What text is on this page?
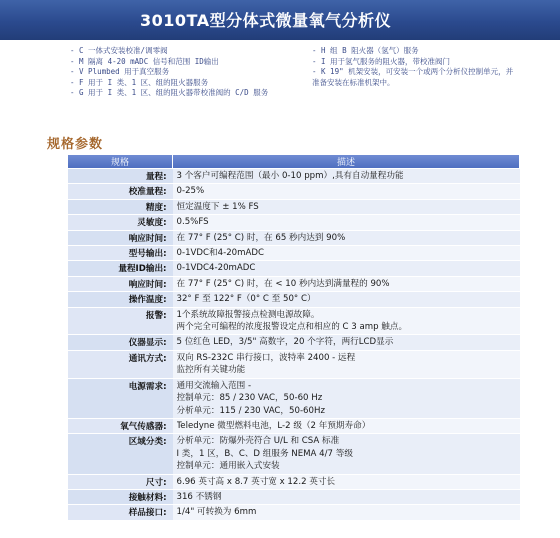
3010TA型分体式微量氧气分析仪
- C 一体式安装校准/调零阀
- M 隔离 4-20 mADC 信号和范围 ID输出
- V Plumbed 用于真空服务
- F 用于 I 类、1 区、组的阻火器服务
- G 用于 I 类、1 区、组的阻火器带校准阀的 C/D 服务
- H 组 B 阻火器（氢气）服务
- I 用于氢气服务的阻火器，带校准阀门
- K 19" 机架安装，可安装一个或两个分析仪控制单元，并
准备安装在标准机架中。
规格参数
规格	描述
量程:	3 个客户可编程范围（最小 0-10 ppm）,具有自动量程功能

校准量程:	0-25%

精度:	恒定温度下 ± 1% FS

灵敏度:	0.5%FS

响应时间:	在 77° F (25° C) 时，在 65 秒内达到 90%

型号输出:	0-1VDC和4-20mADC

量程ID输出:	0-1VDC4-20mADC

响应时间:	在 77° F (25° C) 时，在 < 10 秒内达到满量程的 90%

操作温度:	32° F 至 122° F（0° C 至 50° C）

报警:	1个系统故障报警接点检测电源故障。
两个完全可编程的浓度报警设定点和相应的 C 3 amp 触点。

仪器显示:	5 位红色 LED，3/5" 高数字，20 个字符，两行LCD显示

通讯方式:	双向 RS-232C 串行接口，波特率 2400 - 远程
监控所有关键功能

电源需求:	通用交流输入范围 -
控制单元：85 / 230 VAC，50-60 Hz
分析单元：115 / 230 VAC，50-60Hz

氧气传感器:	Teledyne 微型燃料电池，L-2 级（2 年预期寿命）

区域分类:	分析单元：防爆外壳符合 U/L 和 CSA 标准
I 类，1 区，B、C、D 组服务 NEMA 4/7 等级
控制单元：通用嵌入式安装

尺寸:	6.96 英寸高 x 8.7 英寸宽 x 12.2 英寸长

接触材料:	316 不锈钢

样品接口:	1/4" 可转换为 6mm
